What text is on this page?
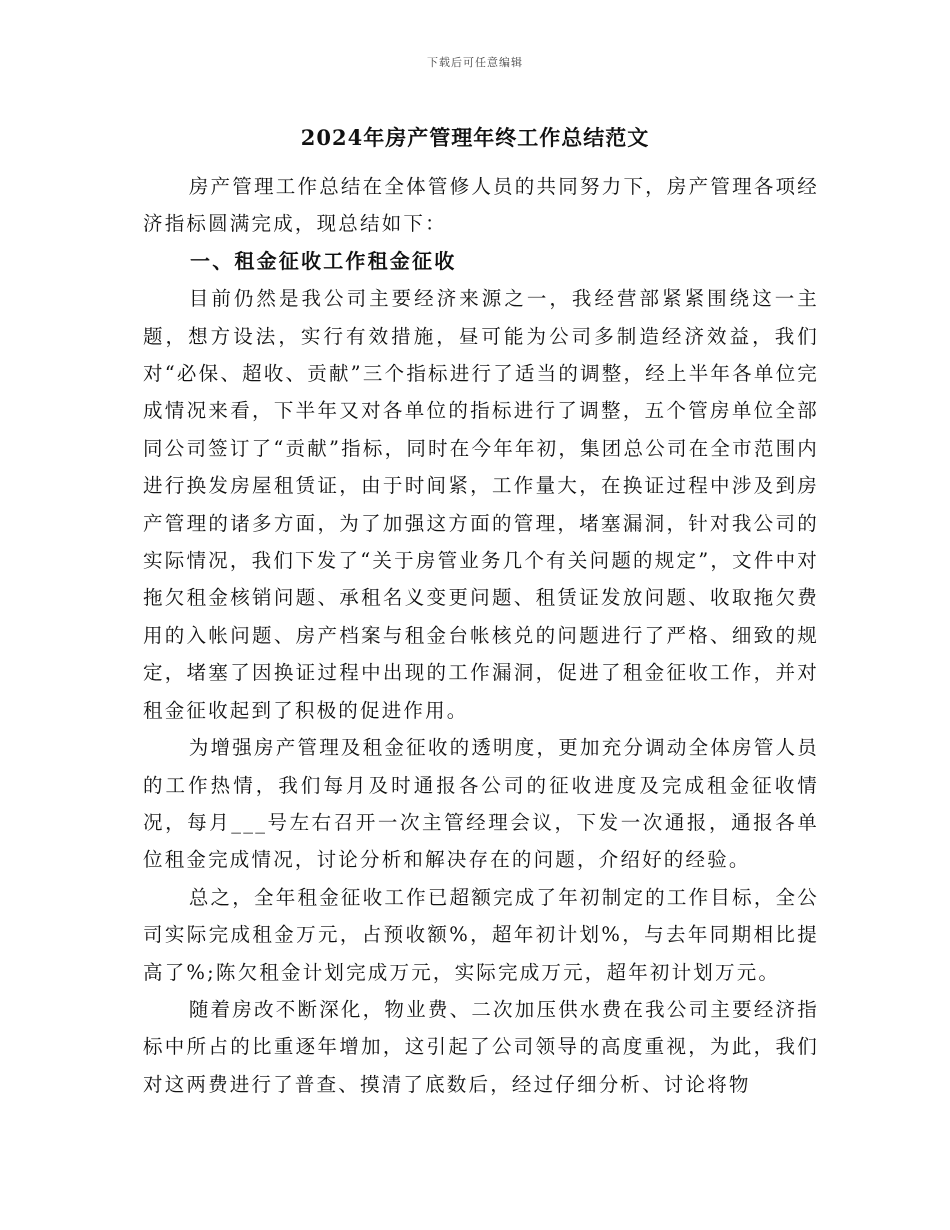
下载后可任意编辑
2024年房产管理年终工作总结范文

房产管理工作总结在全体管修人员的共同努力下，房产管理各项经济指标圆满完成，现总结如下：

一、租金征收工作租金征收

目前仍然是我公司主要经济来源之一，我经营部紧紧围绕这一主题，想方设法，实行有效措施，昼可能为公司多制造经济效益，我们对“必保、超收、贡献”三个指标进行了适当的调整，经上半年各单位完成情况来看，下半年又对各单位的指标进行了调整，五个管房单位全部同公司签订了“贡献”指标，同时在今年年初，集团总公司在全市范围内进行换发房屋租赁证，由于时间紧，工作量大，在换证过程中涉及到房产管理的诸多方面，为了加强这方面的管理，堵塞漏洞，针对我公司的实际情况，我们下发了“关于房管业务几个有关问题的规定”，文件中对拖欠租金核销问题、承租名义变更问题、租赁证发放问题、收取拖欠费用的入帐问题、房产档案与租金台帐核兑的问题进行了严格、细致的规定，堵塞了因换证过程中出现的工作漏洞，促进了租金征收工作，并对租金征收起到了积极的促进作用。

为增强房产管理及租金征收的透明度，更加充分调动全体房管人员的工作热情，我们每月及时通报各公司的征收进度及完成租金征收情况，每月___号左右召开一次主管经理会议，下发一次通报，通报各单位租金完成情况，讨论分析和解决存在的问题，介绍好的经验。

总之，全年租金征收工作已超额完成了年初制定的工作目标，全公司实际完成租金万元，占预收额%，超年初计划%，与去年同期相比提高了%;陈欠租金计划完成万元，实际完成万元，超年初计划万元。

随着房改不断深化，物业费、二次加压供水费在我公司主要经济指标中所占的比重逐年增加，这引起了公司领导的高度重视，为此，我们对这两费进行了普查、摸清了底数后，经过仔细分析、讨论将物
